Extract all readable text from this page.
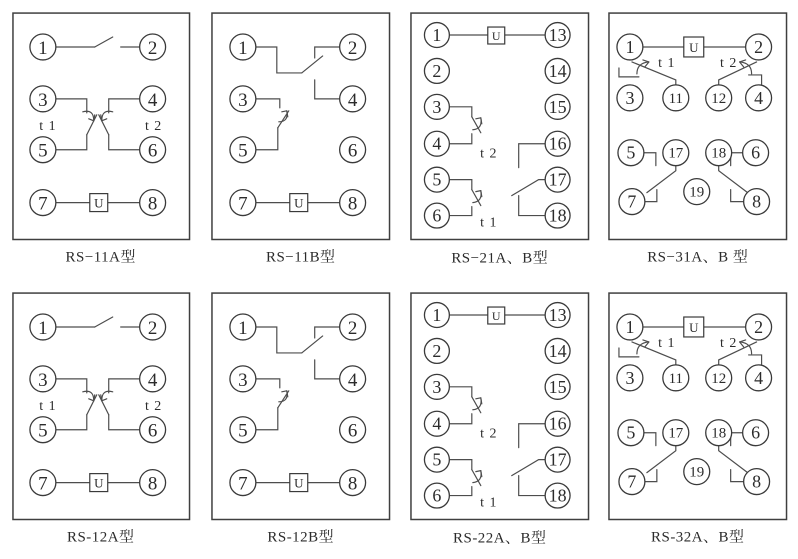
U
t 1	t 2
1	2
3	4
5	6
7	8
RS−11A型
U
1	2
3	4
5	6
7	8
RS−11B型
U
t 2
t 1
1
2
3
4
5
6
13
14
15
16
17
18
RS−21A、B型
U
t 1	t 2
1	2
3 11 12 4
5 17 18 6
7	19	8
RS−31A、B 型
U
t 1	t 2
1	2
3	4
5	6
7	8
RS-12A型
U
1	2
3	4
5	6
7	8
RS-12B型
U
t 2
t 1
1
2
3
4
5
6
13
14
15
16
17
18
RS-22A、B型
U
t 1	t 2
1	2
3 11 12 4
5 17 18 6
7	19	8
RS-32A、B型
